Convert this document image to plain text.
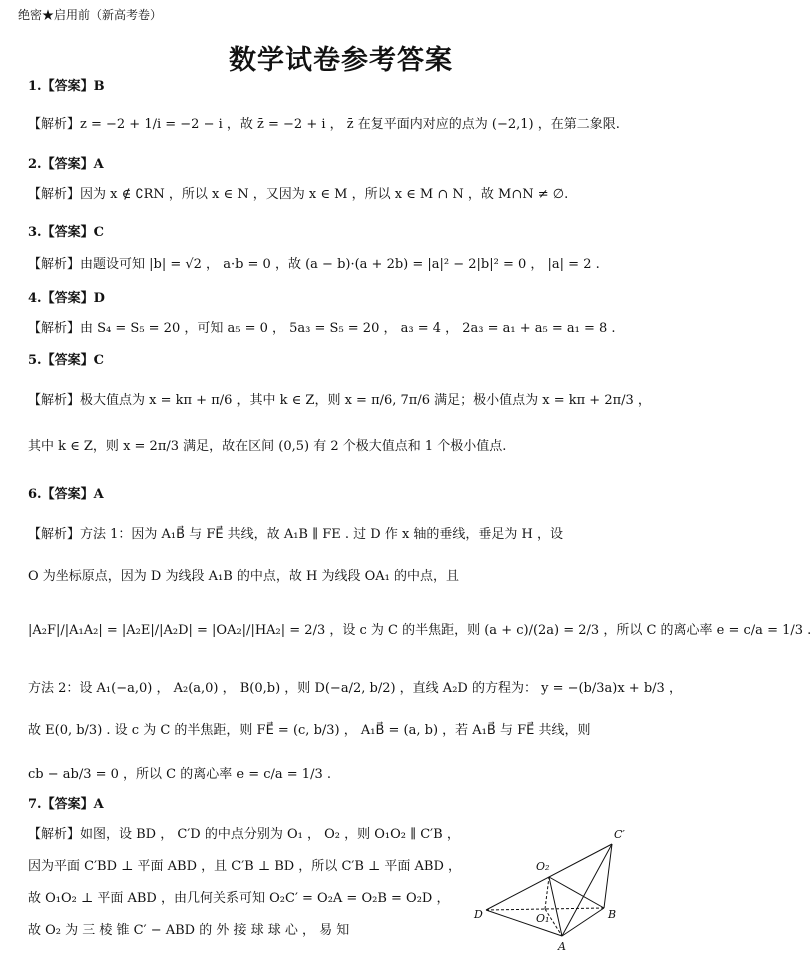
绝密★启用前（新高考卷）
数学试卷参考答案
1.【答案】B
【解析】z = −2 + 1/i = −2 − i ，故 z̄ = −2 + i ， z̄ 在复平面内对应的点为 (−2,1) ，在第二象限.
2.【答案】A
【解析】因为 x ∉ ∁RN ，所以 x ∈ N ，又因为 x ∈ M ，所以 x ∈ M ∩ N ，故 M∩N ≠ ∅.
3.【答案】C
【解析】由题设可知 |b| = √2 ， a·b = 0 ，故 (a − b)·(a + 2b) = |a|² − 2|b|² = 0 ， |a| = 2 .
4.【答案】D
【解析】由 S₄ = S₅ = 20 ，可知 a₅ = 0 ， 5a₃ = S₅ = 20 ， a₃ = 4 ， 2a₃ = a₁ + a₅ = a₁ = 8 .
5.【答案】C
【解析】极大值点为 x = kπ + π/6 ，其中 k ∈ Z，则 x = π/6, 7π/6 满足；极小值点为 x = kπ + 2π/3 ，
其中 k ∈ Z，则 x = 2π/3 满足，故在区间 (0,5) 有 2 个极大值点和 1 个极小值点.
6.【答案】A
【解析】方法 1：因为 A₁B⃗ 与 FE⃗ 共线，故 A₁B ∥ FE . 过 D 作 x 轴的垂线，垂足为 H ，设
O 为坐标原点，因为 D 为线段 A₁B 的中点，故 H 为线段 OA₁ 的中点，且
|A₂F|/|A₁A₂| = |A₂E|/|A₂D| = |OA₂|/|HA₂| = 2/3 ，设 c 为 C 的半焦距，则 (a + c)/(2a) = 2/3 ，所以 C 的离心率 e = c/a = 1/3 .
方法 2：设 A₁(−a,0) ， A₂(a,0) ， B(0,b) ，则 D(−a/2, b/2) ，直线 A₂D 的方程为： y = −(b/3a)x + b/3 ，
故 E(0, b/3) . 设 c 为 C 的半焦距，则 FE⃗ = (c, b/3) ， A₁B⃗ = (a, b) ，若 A₁B⃗ 与 FE⃗ 共线，则
cb − ab/3 = 0 ，所以 C 的离心率 e = c/a = 1/3 .
7.【答案】A
【解析】如图，设 BD ， C′D 的中点分别为 O₁ ， O₂ ，则 O₁O₂ ∥ C′B ，
因为平面 C′BD ⊥ 平面 ABD ，且 C′B ⊥ BD ，所以 C′B ⊥ 平面 ABD ，
故 O₁O₂ ⊥ 平面 ABD ，由几何关系可知 O₂C′ = O₂A = O₂B = O₂D ，
故 O₂ 为 三 棱 锥 C′ − ABD 的 外 接 球 球 心 ， 易 知
C′
O₂
D	O₁	B
A
